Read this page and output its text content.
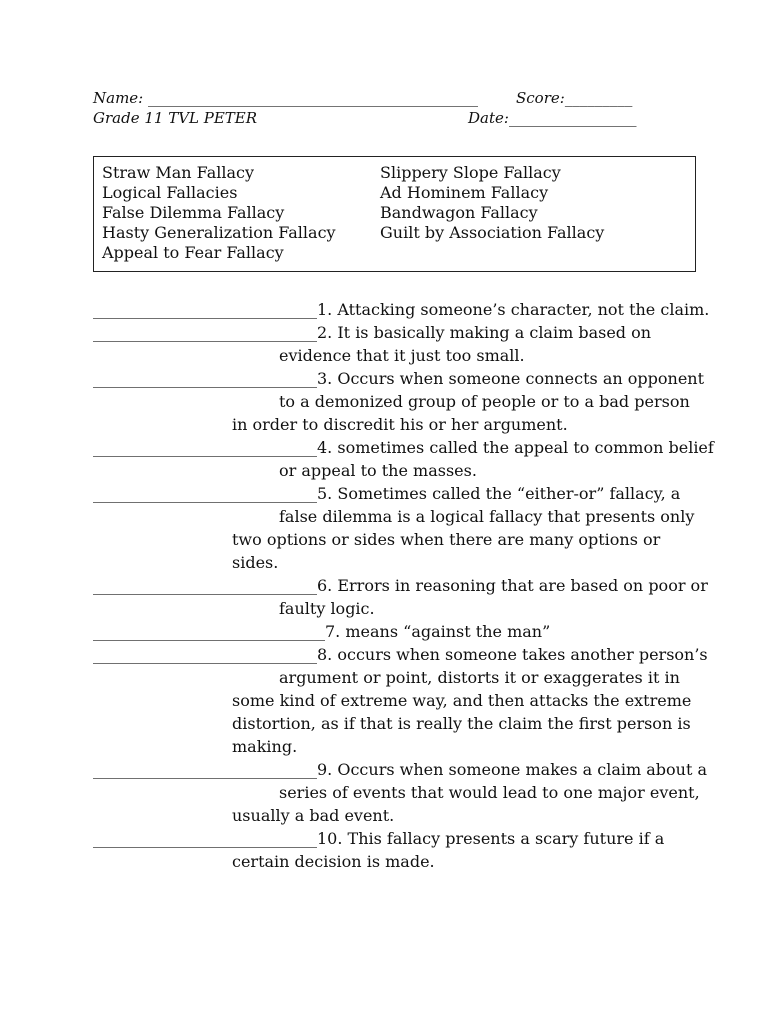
Name: ____________________________________________	Score:_________
Grade 11 TVL PETER	Date:_________________
Straw Man Fallacy
Logical Fallacies
False Dilemma Fallacy
Hasty Generalization Fallacy
Appeal to Fear Fallacy
Slippery Slope Fallacy
Ad Hominem Fallacy
Bandwagon Fallacy
Guilt by Association Fallacy
____________________________1. Attacking someone’s character, not the claim.
____________________________2. It is basically making a claim based on
evidence that it just too small.
____________________________3. Occurs when someone connects an opponent
to a demonized group of people or to a bad person
in order to discredit his or her argument.
____________________________4. sometimes called the appeal to common belief
or appeal to the masses.
____________________________5. Sometimes called the “either-or” fallacy, a
false dilemma is a logical fallacy that presents only
two options or sides when there are many options or
sides.
____________________________6. Errors in reasoning that are based on poor or
faulty logic.
_____________________________7. means “against the man”
____________________________8. occurs when someone takes another person’s
argument or point, distorts it or exaggerates it in
some kind of extreme way, and then attacks the extreme
distortion, as if that is really the claim the first person is
making.
____________________________9. Occurs when someone makes a claim about a
series of events that would lead to one major event,
usually a bad event.
____________________________10. This fallacy presents a scary future if a
certain decision is made.
